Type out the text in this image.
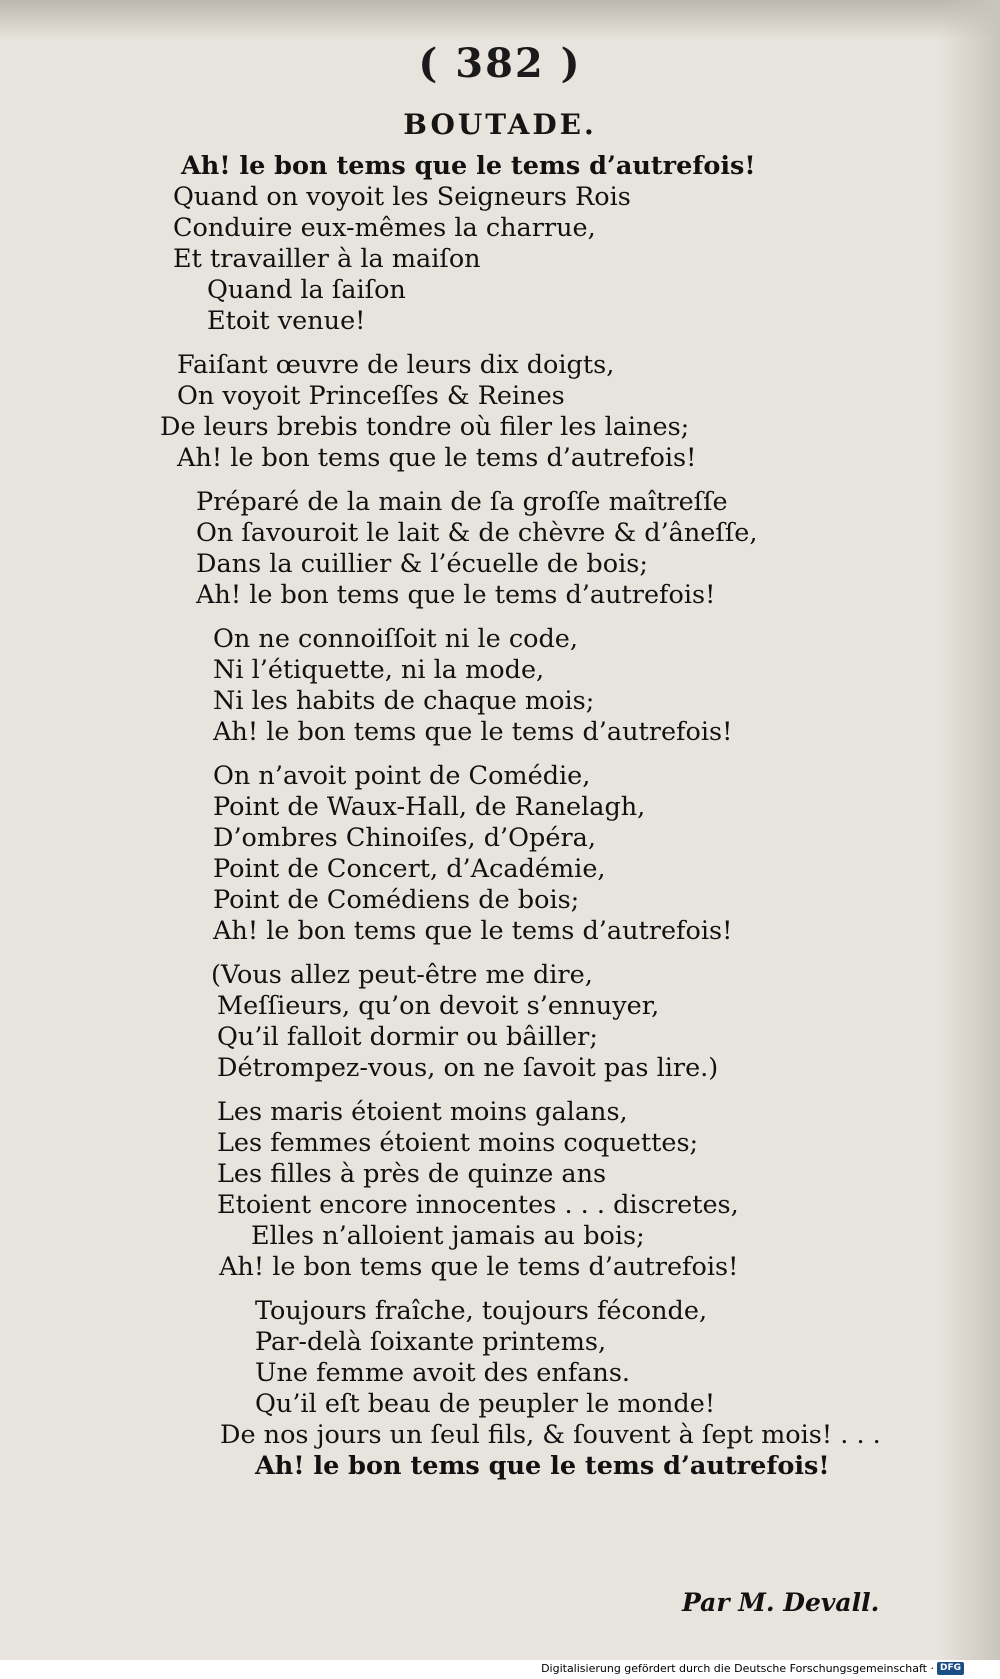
( 382 )
BOUTADE.
Ah! le bon tems que le tems d’autrefois!
Quand on voyoit les Seigneurs Rois
Conduire eux-mêmes la charrue,
Et travailler à la maiſon
Quand la ſaiſon
Etoit venue!
Faiſant œuvre de leurs dix doigts,
On voyoit Princeſſes & Reines
De leurs brebis tondre où filer les laines;
Ah! le bon tems que le tems d’autrefois!
Préparé de la main de ſa groſſe maîtreſſe
On ſavouroit le lait & de chèvre & d’âneſſe,
Dans la cuillier & l’écuelle de bois;
Ah! le bon tems que le tems d’autrefois!
On ne connoiſſoit ni le code,
Ni l’étiquette, ni la mode,
Ni les habits de chaque mois;
Ah! le bon tems que le tems d’autrefois!
On n’avoit point de Comédie,
Point de Waux-Hall, de Ranelagh,
D’ombres Chinoiſes, d’Opéra,
Point de Concert, d’Académie,
Point de Comédiens de bois;
Ah! le bon tems que le tems d’autrefois!
(Vous allez peut-être me dire,
Meſſieurs, qu’on devoit s’ennuyer,
Qu’il falloit dormir ou bâiller;
Détrompez-vous, on ne ſavoit pas lire.)
Les maris étoient moins galans,
Les femmes étoient moins coquettes;
Les filles à près de quinze ans
Etoient encore innocentes . . . discretes,
Elles n’alloient jamais au bois;
Ah! le bon tems que le tems d’autrefois!
Toujours fraîche, toujours féconde,
Par-delà ſoixante printems,
Une femme avoit des enfans.
Qu’il eſt beau de peupler le monde!
De nos jours un ſeul fils, & ſouvent à ſept mois! . . .
Ah! le bon tems que le tems d’autrefois!
Par M. Devall.
Digitalisierung gefördert durch die Deutsche Forschungsgemeinschaft · DFG
